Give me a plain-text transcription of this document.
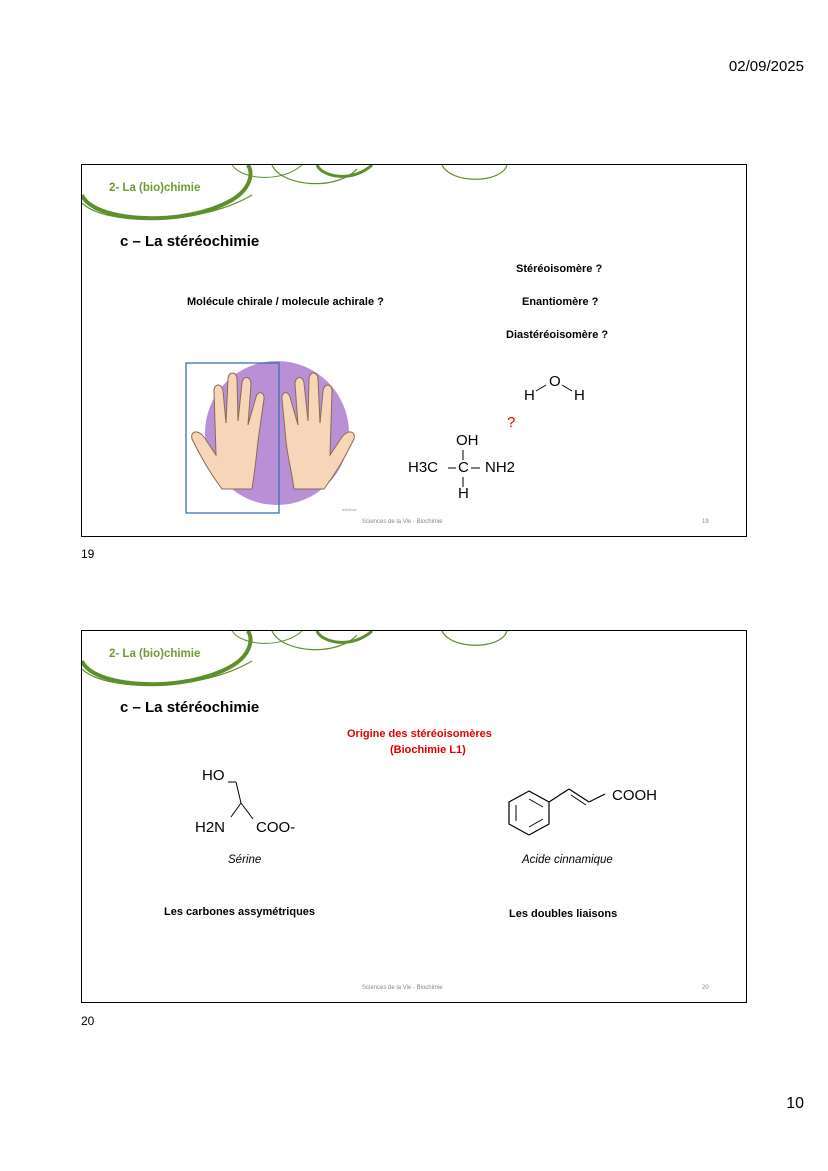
02/09/2025
2- La (bio)chimie
c – La stéréochimie
Molécule chirale / molecule achirale ?
Stéréoisomère ?
Enantiomère ?
Diastéréoisomère ?
wikiHow
H
O
H
?
OH
H3C C NH2
H
Sciences de la Vie - Biochimie	19
19
2- La (bio)chimie
c – La stéréochimie
Origine des stéréoisomères
(Biochimie L1)
HO
H2N COO-
Sérine
COOH
Acide cinnamique
Les carbones assymétriques	Les doubles liaisons
Sciences de la Vie - Biochimie	20
20
10
